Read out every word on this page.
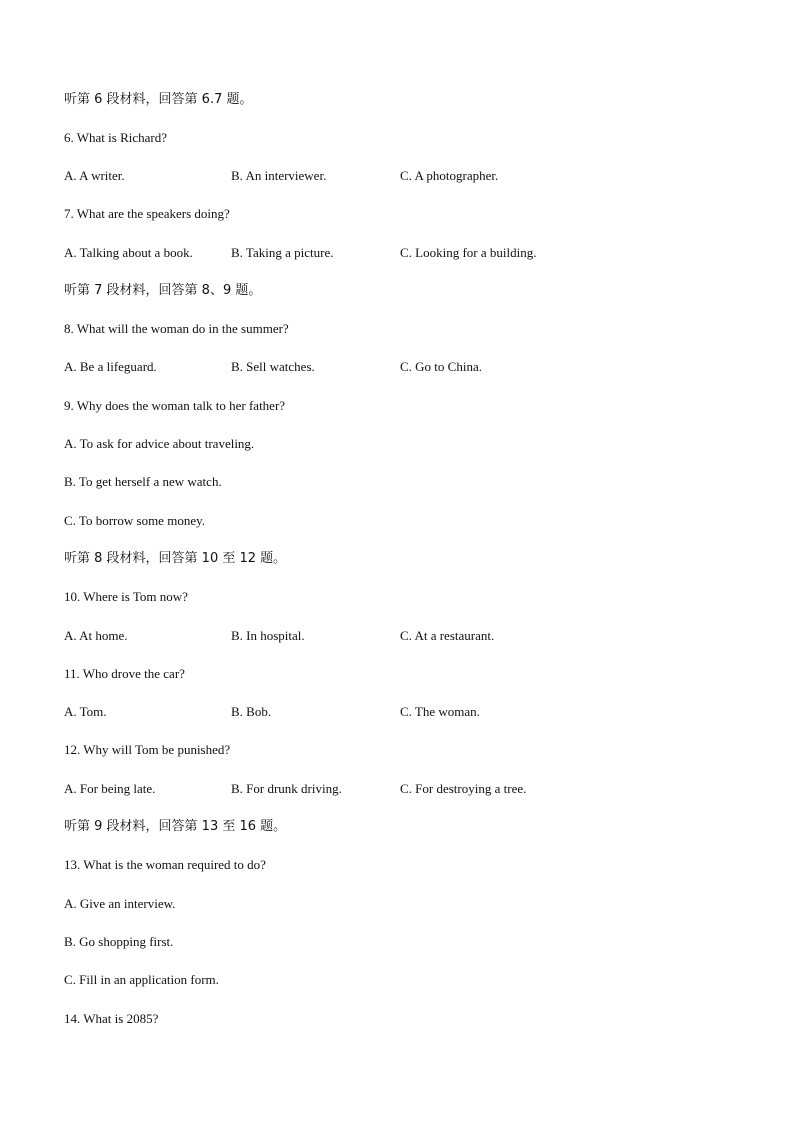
听第 6 段材料，回答第 6.7 题。
6. What is Richard?
A. A writer.	B. An interviewer.	C. A photographer.
7. What are the speakers doing?
A. Talking about a book.	B. Taking a picture.	C. Looking for a building.
听第 7 段材料，回答第 8、9 题。
8. What will the woman do in the summer?
A. Be a lifeguard.	B. Sell watches.	C. Go to China.
9. Why does the woman talk to her father?
A. To ask for advice about traveling.
B. To get herself a new watch.
C. To borrow some money.
听第 8 段材料，回答第 10 至 12 题。
10. Where is Tom now?
A. At home.	B. In hospital.	C. At a restaurant.
11. Who drove the car?
A. Tom.	B. Bob.	C. The woman.
12. Why will Tom be punished?
A. For being late.	B. For drunk driving.	C. For destroying a tree.
听第 9 段材料，回答第 13 至 16 题。
13. What is the woman required to do?
A. Give an interview.
B. Go shopping first.
C. Fill in an application form.
14. What is 2085?
